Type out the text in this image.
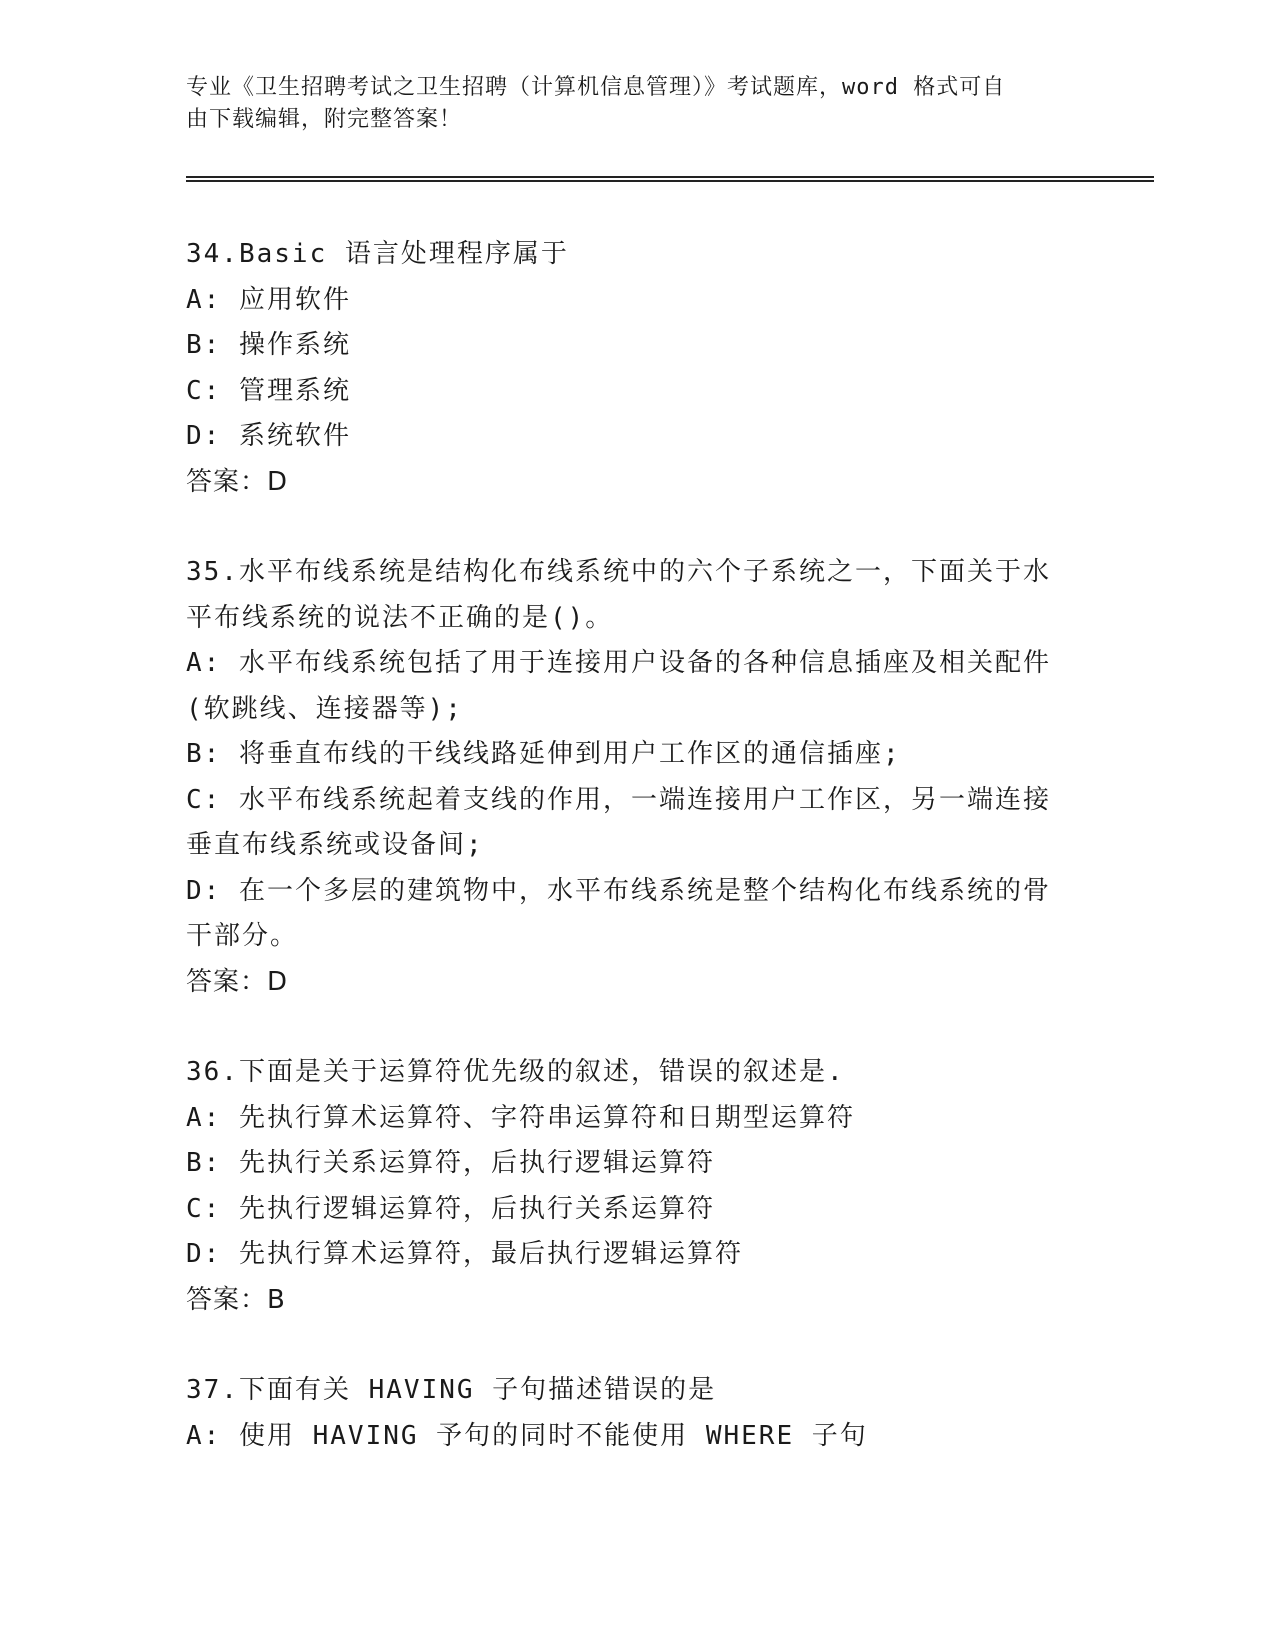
专业《卫生招聘考试之卫生招聘（计算机信息管理）》考试题库，word 格式可自
由下载编辑，附完整答案！
34.Basic 语言处理程序属于
A: 应用软件
B: 操作系统
C: 管理系统
D: 系统软件
答案：D
35.水平布线系统是结构化布线系统中的六个子系统之一，下面关于水
平布线系统的说法不正确的是()。
A: 水平布线系统包括了用于连接用户设备的各种信息插座及相关配件
(软跳线、连接器等);
B: 将垂直布线的干线线路延伸到用户工作区的通信插座;
C: 水平布线系统起着支线的作用，一端连接用户工作区，另一端连接
垂直布线系统或设备间;
D: 在一个多层的建筑物中，水平布线系统是整个结构化布线系统的骨
干部分。
答案：D
36.下面是关于运算符优先级的叙述，错误的叙述是.
A: 先执行算术运算符、字符串运算符和日期型运算符
B: 先执行关系运算符，后执行逻辑运算符
C: 先执行逻辑运算符，后执行关系运算符
D: 先执行算术运算符，最后执行逻辑运算符
答案：B
37.下面有关 HAVING 子句描述错误的是
A: 使用 HAVING 予句的同时不能使用 WHERE 子句
